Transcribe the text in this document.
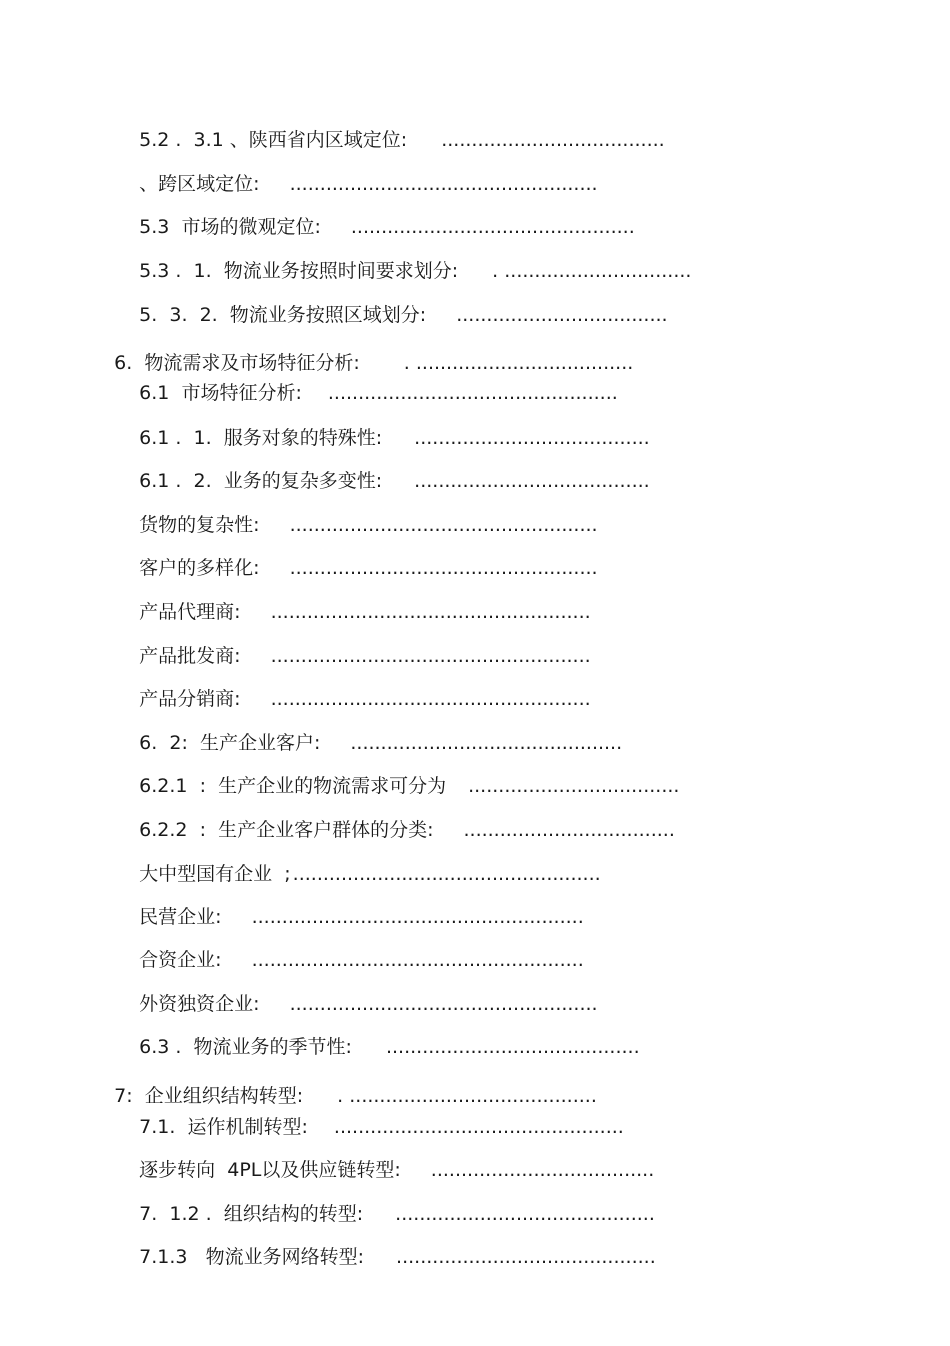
5.2 .  3.1 、陕西省内区域定位: .....................................

、跨区域定位: ...................................................

5.3  市场的微观定位: ...............................................

5.3 .  1.  物流业务按照时间要求划分: . ...............................

5.  3.  2.  物流业务按照区域划分: ...................................

6.  物流需求及市场特征分析: . ....................................

6.1  市场特征分析: ................................................

6.1 .  1.  服务对象的特殊性: .......................................

6.1 .  2.  业务的复杂多变性: .......................................

货物的复杂性: ...................................................

客户的多样化: ...................................................

产品代理商: .....................................................

产品批发商: .....................................................

产品分销商: .....................................................

6.  2:  生产企业客户: .............................................

6.2.1  :  生产企业的物流需求可分为 ...................................

6.2.2  :  生产企业客户群体的分类: ...................................

大中型国有企业  ; ...................................................

民营企业: .......................................................

合资企业: .......................................................

外资独资企业: ...................................................

6.3 .  物流业务的季节性: ..........................................

7:  企业组织结构转型: . .........................................

7.1.  运作机制转型: ................................................

逐步转向  4PL以及供应链转型: .....................................

7.  1.2 .  组织结构的转型: ...........................................

7.1.3   物流业务网络转型: ...........................................
